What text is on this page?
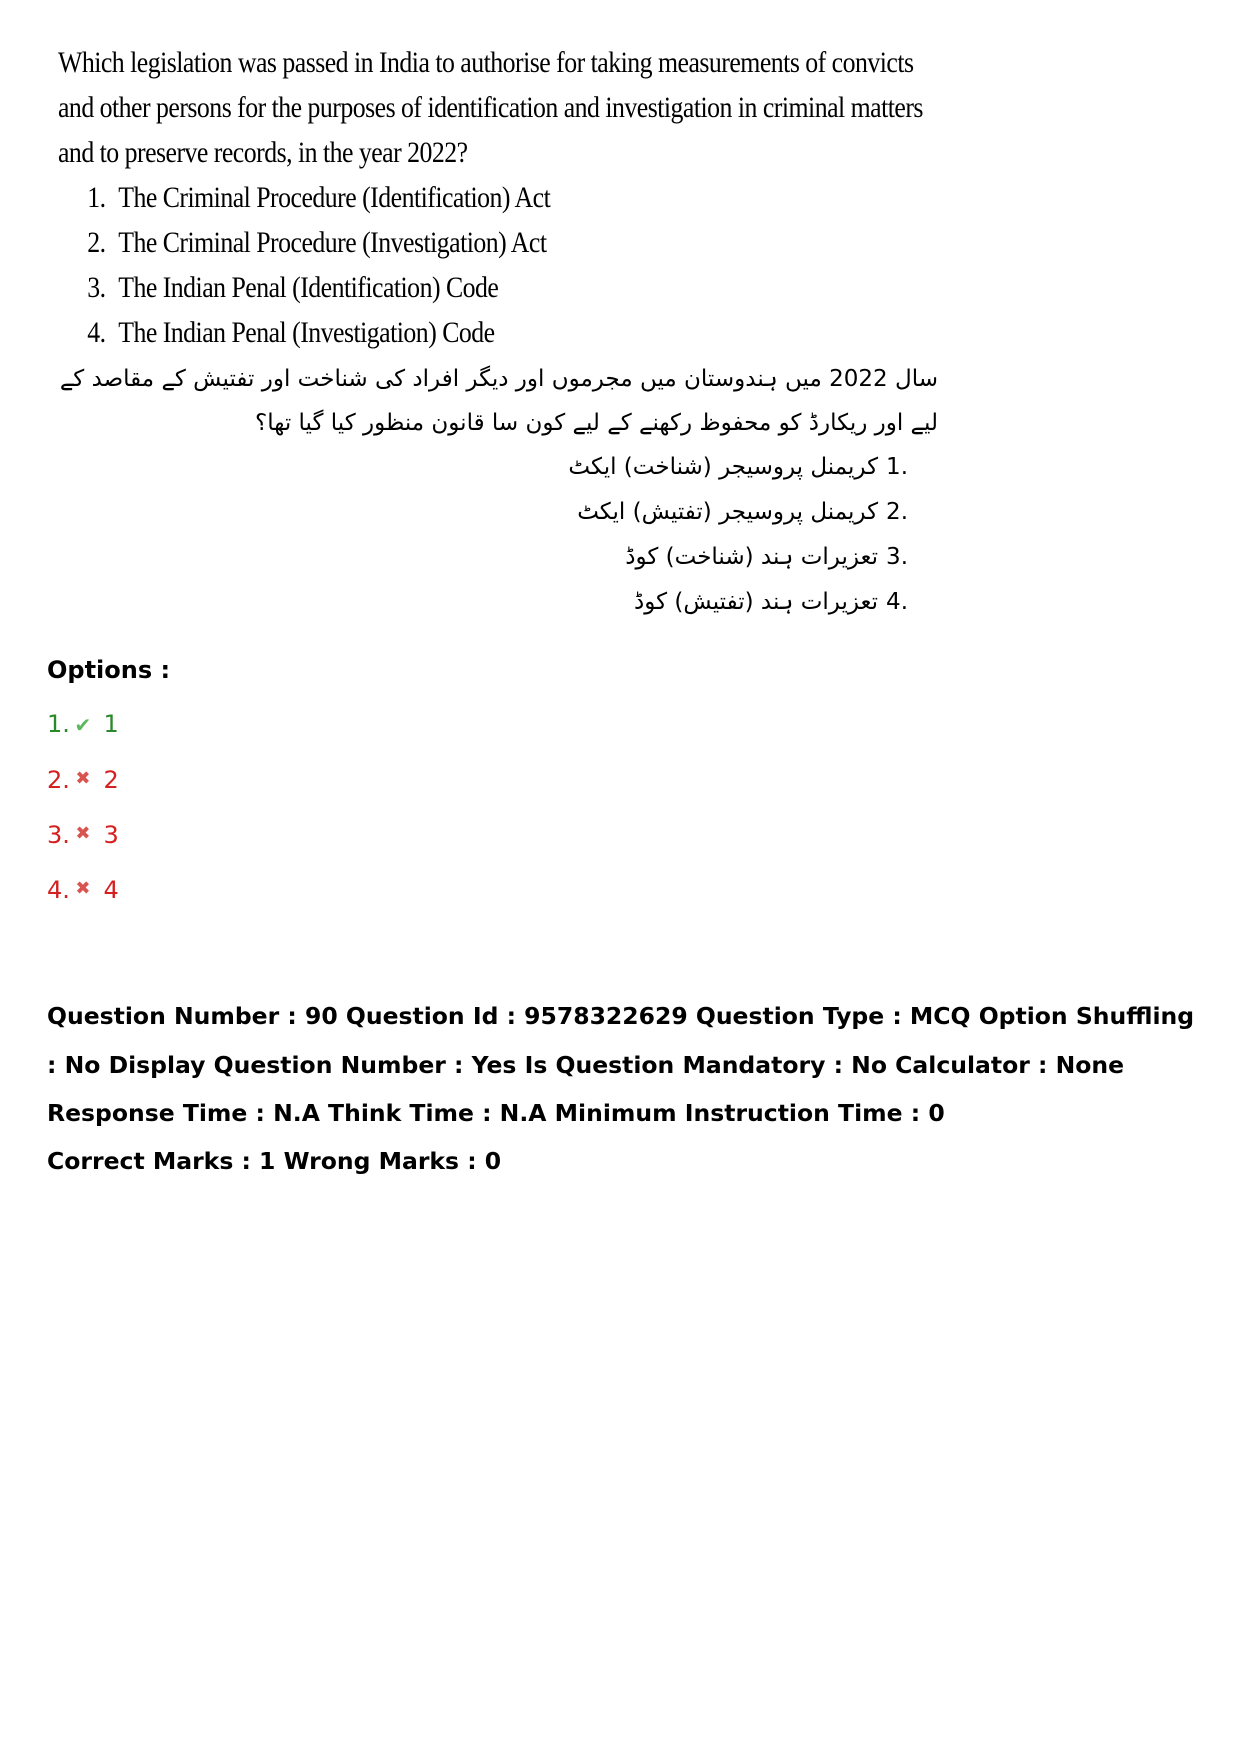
Which legislation was passed in India to authorise for taking measurements of convicts and other persons for the purposes of identification and investigation in criminal matters and to preserve records, in the year 2022?

1. The Criminal Procedure (Identification) Act
2. The Criminal Procedure (Investigation) Act
3. The Indian Penal (Identification) Code
4. The Indian Penal (Investigation) Code

سال 2022 میں ہندوستان میں مجرموں اور دیگر افراد کی شناخت اور تفتیش کے مقاصد کے لیے اور ریکارڈ کو محفوظ رکھنے کے لیے کون سا قانون منظور کیا گیا تھا؟

.1کریمنل پروسیجر (شناخت) ایکٹ
.2کریمنل پروسیجر (تفتیش) ایکٹ
.3تعزیرات ہند (شناخت) کوڈ
.4تعزیرات ہند (تفتیش) کوڈ
Options :
1. ✔ 1
2. ✖ 2
3. ✖ 3
4. ✖ 4
Question Number : 90 Question Id : 9578322629 Question Type : MCQ Option Shuffling : No Display Question Number : Yes Is Question Mandatory : No Calculator : None Response Time : N.A Think Time : N.A Minimum Instruction Time : 0
Correct Marks : 1 Wrong Marks : 0
